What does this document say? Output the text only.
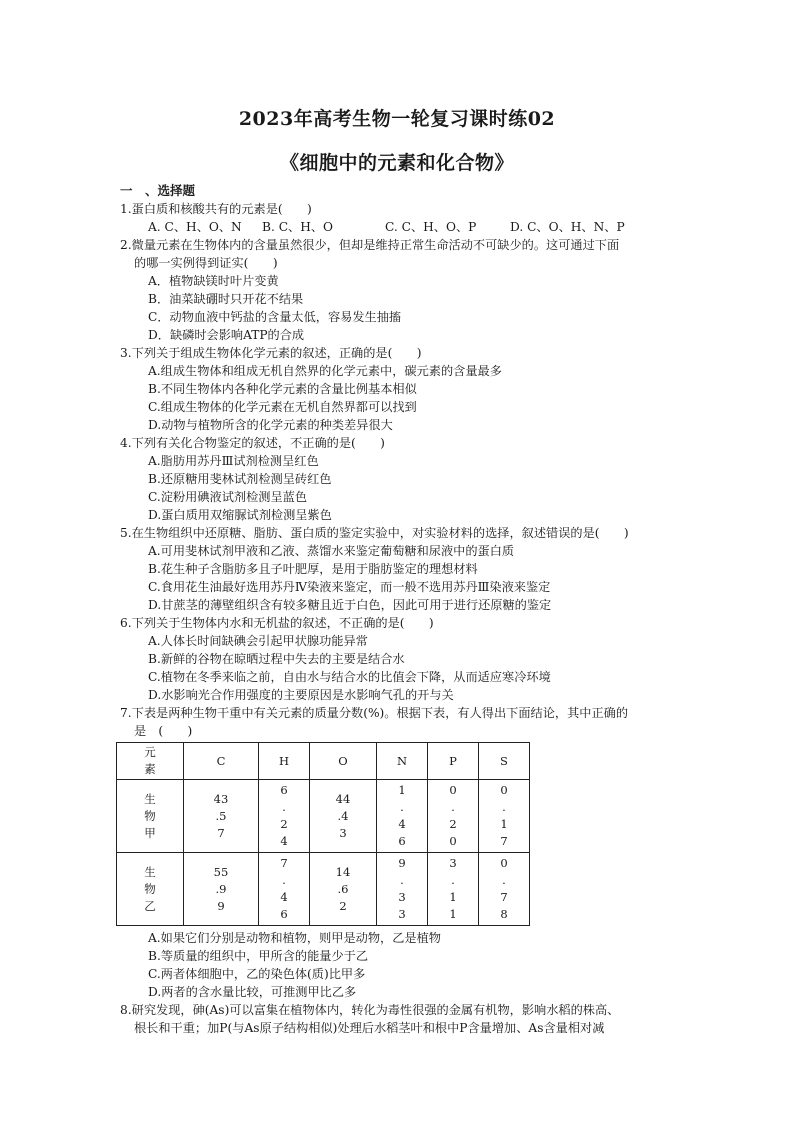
2023年高考生物一轮复习课时练02
《细胞中的元素和化合物》
一　、选择题
1.蛋白质和核酸共有的元素是(　　)
A. C、H、O、N B. C、H、O	C. C、H、O、P	D. C、O、H、N、P
2.微量元素在生物体内的含量虽然很少，但却是维持正常生命活动不可缺少的。这可通过下面
的哪一实例得到证实(　　)
A．植物缺镁时叶片变黄
B．油菜缺硼时只开花不结果
C．动物血液中钙盐的含量太低，容易发生抽搐
D．缺磷时会影响ATP的合成
3.下列关于组成生物体化学元素的叙述，正确的是(　　)
A.组成生物体和组成无机自然界的化学元素中，碳元素的含量最多
B.不同生物体内各种化学元素的含量比例基本相似
C.组成生物体的化学元素在无机自然界都可以找到
D.动物与植物所含的化学元素的种类差异很大
4.下列有关化合物鉴定的叙述，不正确的是(　　)
A.脂肪用苏丹Ⅲ试剂检测呈红色
B.还原糖用斐林试剂检测呈砖红色
C.淀粉用碘液试剂检测呈蓝色
D.蛋白质用双缩脲试剂检测呈紫色
5.在生物组织中还原糖、脂肪、蛋白质的鉴定实验中，对实验材料的选择，叙述错误的是(　　)
A.可用斐林试剂甲液和乙液、蒸馏水来鉴定葡萄糖和尿液中的蛋白质
B.花生种子含脂肪多且子叶肥厚，是用于脂肪鉴定的理想材料
C.食用花生油最好选用苏丹Ⅳ染液来鉴定，而一般不选用苏丹Ⅲ染液来鉴定
D.甘蔗茎的薄壁组织含有较多糖且近于白色，因此可用于进行还原糖的鉴定
6.下列关于生物体内水和无机盐的叙述，不正确的是(　　)
A.人体长时间缺碘会引起甲状腺功能异常
B.新鲜的谷物在晾晒过程中失去的主要是结合水
C.植物在冬季来临之前，自由水与结合水的比值会下降，从而适应寒冷环境
D.水影响光合作用强度的主要原因是水影响气孔的开与关
7.下表是两种生物干重中有关元素的质量分数(%)。根据下表，有人得出下面结论，其中正确的
是　(　　)
元
素	C	H	O	N	P	S
生
物
甲	43
.5
7	6
.
2
4	44
.4
3	1
.
4
6	0
.
2
0	0
.
1
7
生
物
乙	55
.9
9	7
.
4
6	14
.6
2	9
.
3
3	3
.
1
1	0
.
7
8
A.如果它们分别是动物和植物，则甲是动物，乙是植物
B.等质量的组织中，甲所含的能量少于乙
C.两者体细胞中，乙的染色体(质)比甲多
D.两者的含水量比较，可推测甲比乙多
8.研究发现，砷(As)可以富集在植物体内，转化为毒性很强的金属有机物，影响水稻的株高、
根长和干重；加P(与As原子结构相似)处理后水稻茎叶和根中P含量增加、As含量相对减
